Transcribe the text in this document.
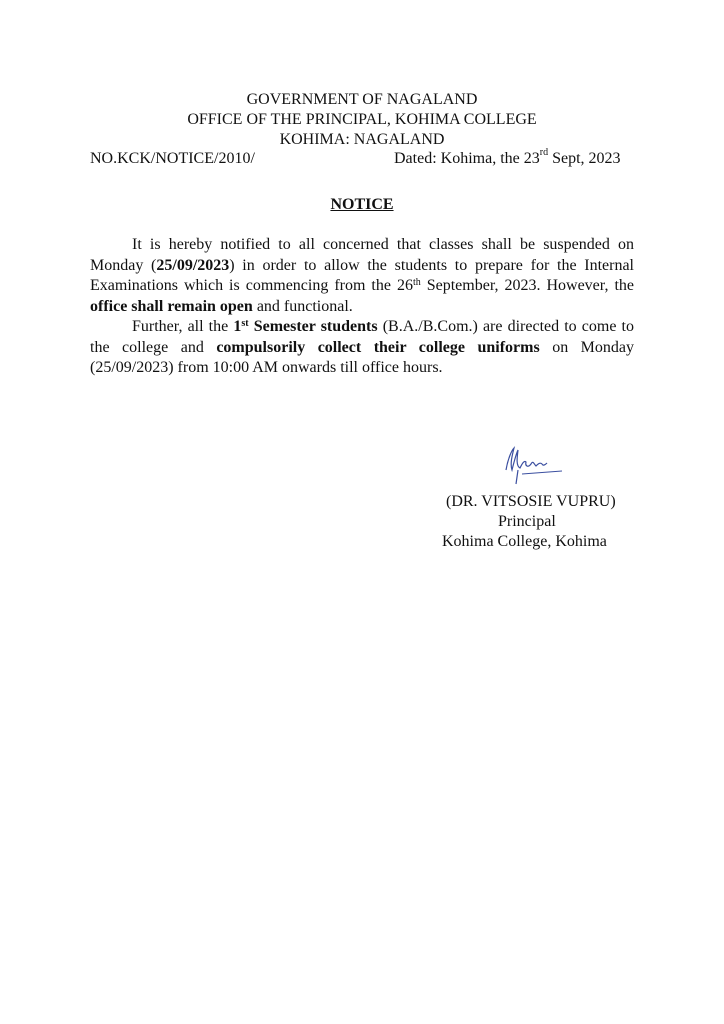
GOVERNMENT OF NAGALAND
OFFICE OF THE PRINCIPAL, KOHIMA COLLEGE
KOHIMA: NAGALAND
NO.KCK/NOTICE/2010/	Dated: Kohima, the 23rd Sept, 2023
NOTICE
It is hereby notified to all concerned that classes shall be suspended on Monday (25/09/2023) in order to allow the students to prepare for the Internal Examinations which is commencing from the 26th September, 2023. However, the office shall remain open and functional.
Further, all the 1st Semester students (B.A./B.Com.) are directed to come to the college and compulsorily collect their college uniforms on Monday (25/09/2023) from 10:00 AM onwards till office hours.
(DR. VITSOSIE VUPRU)
Principal
Kohima College, Kohima
